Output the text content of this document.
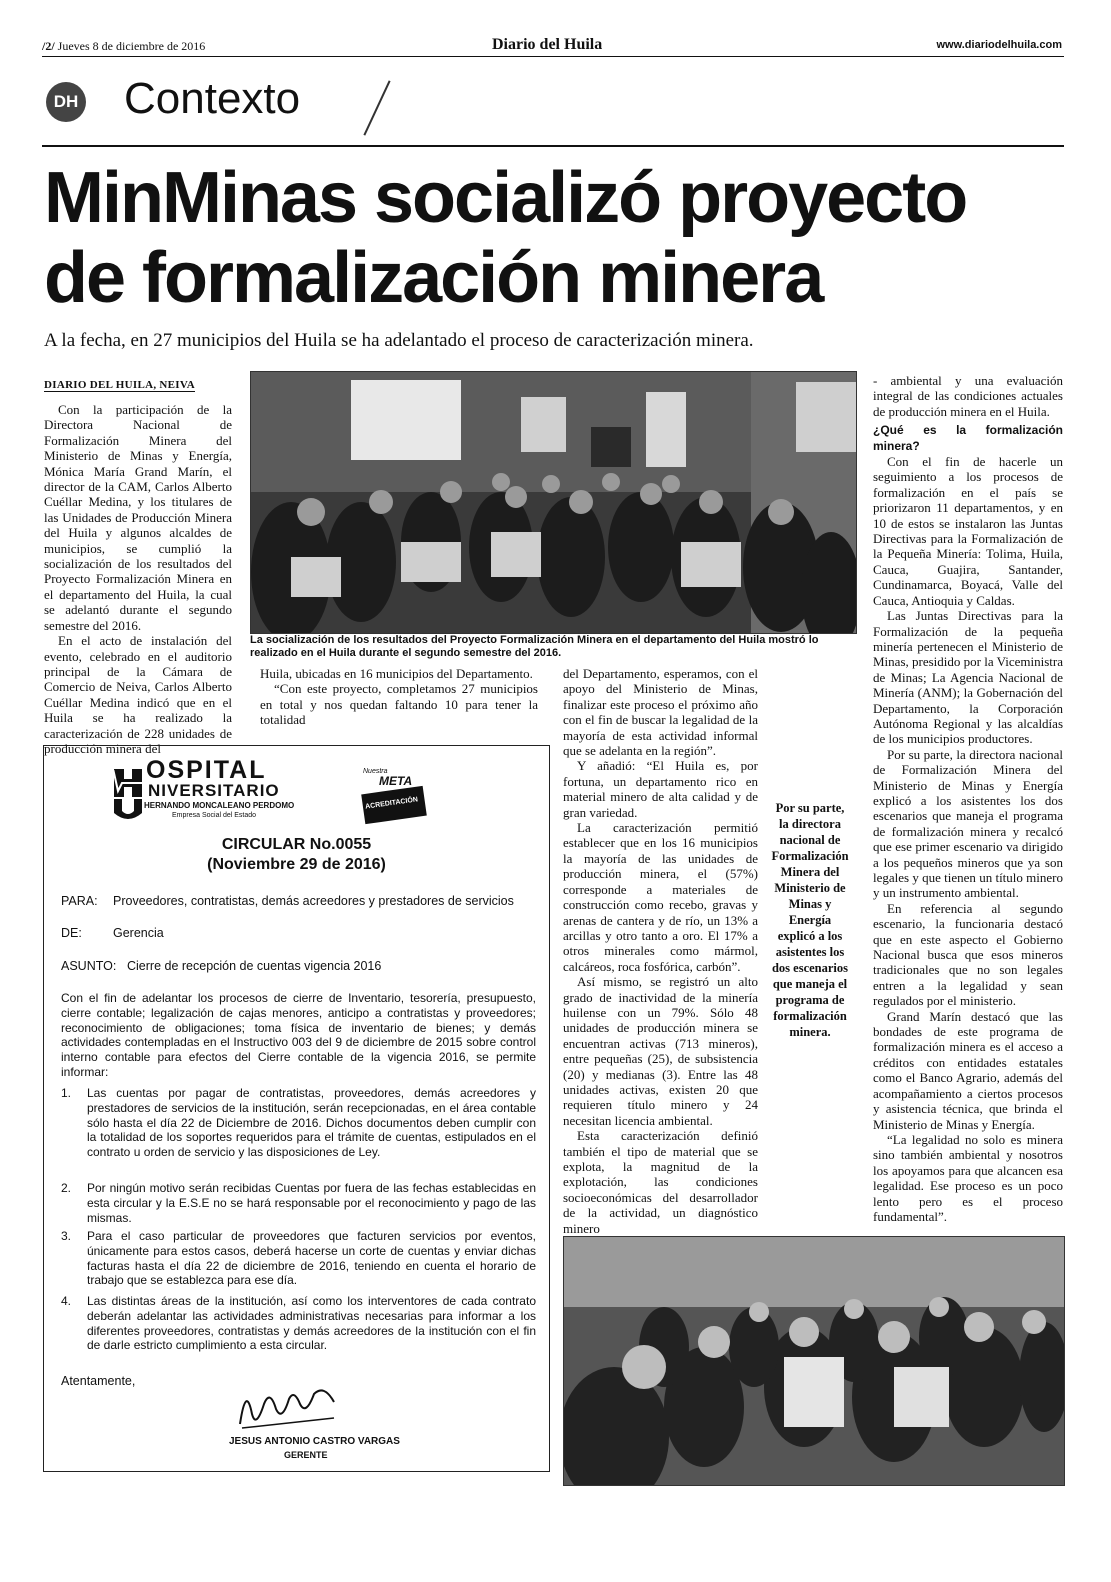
/2/ Jueves 8 de diciembre de 2016	Diario del Huila	www.diariodelhuila.com
DH Contexto
MinMinas socializó proyecto
de formalización minera
A la fecha, en 27 municipios del Huila se ha adelantado el proceso de caracterización minera.
DIARIO DEL HUILA, NEIVA

Con la participación de la Directora Nacional de Formalización Minera del Ministerio de Minas y Energía, Mónica María Grand Marín, el director de la CAM, Carlos Alberto Cuéllar Medina, y los titulares de las Unidades de Producción Minera del Huila y algunos alcaldes de municipios, se cumplió la socialización de los resultados del Proyecto Formalización Minera en el departamento del Huila, la cual se adelantó durante el segundo semestre del 2016.

En el acto de instalación del evento, celebrado en el auditorio principal de la Cámara de Comercio de Neiva, Carlos Alberto Cuéllar Medina indicó que en el Huila se ha realizado la caracterización de 228 unidades de producción minera del

La socialización de los resultados del Proyecto Formalización Minera en el departamento del Huila mostró lo realizado en el Huila durante el segundo semestre del 2016.

Huila, ubicadas en 16 municipios del Departamento.

“Con este proyecto, completamos 27 municipios en total y nos quedan faltando 10 para tener la totalidad

del Departamento, esperamos, con el apoyo del Ministerio de Minas, finalizar este proceso el próximo año con el fin de buscar la legalidad de la mayoría de esta actividad informal que se adelanta en la región”.

Y añadió: “El Huila es, por fortuna, un departamento rico en material minero de alta calidad y de gran variedad.

La caracterización permitió establecer que en los 16 municipios la mayoría de las unidades de producción minera, el (57%) corresponde a materiales de construcción como recebo, gravas y arenas de cantera y de río, un 13% a arcillas y otro tanto a oro. El 17% a otros minerales como mármol, calcáreos, roca fosfórica, carbón”.

Así mismo, se registró un alto grado de inactividad de la minería huilense con un 79%. Sólo 48 unidades de producción minera se encuentran activas (713 mineros), entre pequeñas (25), de subsistencia (20) y medianas (3). Entre las 48 unidades activas, existen 20 que requieren título minero y 24 necesitan licencia ambiental.

Esta caracterización definió también el tipo de material que se explota, la magnitud de la explotación, las condiciones socioeconómicas del desarrollador de la actividad, un diagnóstico minero

Por su parte, la directora nacional de Formalización Minera del Ministerio de Minas y Energía explicó a los asistentes los dos escenarios que maneja el programa de formalización minera.

- ambiental y una evaluación integral de las condiciones actuales de producción minera en el Huila.

¿Qué es la formalización minera?

Con el fin de hacerle un seguimiento a los procesos de formalización en el país se priorizaron 11 departamentos, y en 10 de estos se instalaron las Juntas Directivas para la Formalización de la Pequeña Minería: Tolima, Huila, Cauca, Guajira, Santander, Cundinamarca, Boyacá, Valle del Cauca, Antioquia y Caldas.

Las Juntas Directivas para la Formalización de la pequeña minería pertenecen el Ministerio de Minas, presidido por la Viceministra de Minas; La Agencia Nacional de Minería (ANM); la Gobernación del Departamento, la Corporación Autónoma Regional y las alcaldías de los municipios productores.

Por su parte, la directora nacional de Formalización Minera del Ministerio de Minas y Energía explicó a los asistentes los dos escenarios que maneja el programa de formalización minera y recalcó que ese primer escenario va dirigido a los pequeños mineros que ya son legales y que tienen un título minero y un instrumento ambiental.

En referencia al segundo escenario, la funcionaria destacó que en este aspecto el Gobierno Nacional busca que esos mineros tradicionales que no son legales entren a la legalidad y sean regulados por el ministerio.

Grand Marín destacó que las bondades de este programa de formalización minera es el acceso a créditos con entidades estatales como el Banco Agrario, además del acompañamiento a ciertos procesos y asistencia técnica, que brinda el Ministerio de Minas y Energía.

“La legalidad no solo es minera sino también ambiental y nosotros los apoyamos para que alcancen esa legalidad. Ese proceso es un poco lento pero es el proceso fundamental”.

OSPITAL
NIVERSITARIO
HERNANDO MONCALEANO PERDOMO
Empresa Social del Estado
Nuestra
META
ACREDITACIÓN
CIRCULAR No.0055
(Noviembre 29 de 2016)
PARA: Proveedores, contratistas, demás acreedores y prestadores de servicios
DE: Gerencia
ASUNTO: Cierre de recepción de cuentas vigencia 2016
Con el fin de adelantar los procesos de cierre de Inventario, tesorería, presupuesto, cierre contable; legalización de cajas menores, anticipo a contratistas y proveedores; reconocimiento de obligaciones; toma física de inventario de bienes; y demás actividades contempladas en el Instructivo 003 del 9 de diciembre de 2015 sobre control interno contable para efectos del Cierre contable de la vigencia 2016, se permite informar:
1. Las cuentas por pagar de contratistas, proveedores, demás acreedores y prestadores de servicios de la institución, serán recepcionadas, en el área contable sólo hasta el día 22 de Diciembre de 2016. Dichos documentos deben cumplir con la totalidad de los soportes requeridos para el trámite de cuentas, estipulados en el contrato u orden de servicio y las disposiciones de Ley.
2. Por ningún motivo serán recibidas Cuentas por fuera de las fechas establecidas en esta circular y la E.S.E no se hará responsable por el reconocimiento y pago de las mismas.
3. Para el caso particular de proveedores que facturen servicios por eventos, únicamente para estos casos, deberá hacerse un corte de cuentas y enviar dichas facturas hasta el día 22 de diciembre de 2016, teniendo en cuenta el horario de trabajo que se establezca para ese día.
4. Las distintas áreas de la institución, así como los interventores de cada contrato deberán adelantar las actividades administrativas necesarias para informar a los diferentes proveedores, contratistas y demás acreedores de la institución con el fin de darle estricto cumplimiento a esta circular.
Atentamente,
JESUS ANTONIO CASTRO VARGAS
GERENTE
